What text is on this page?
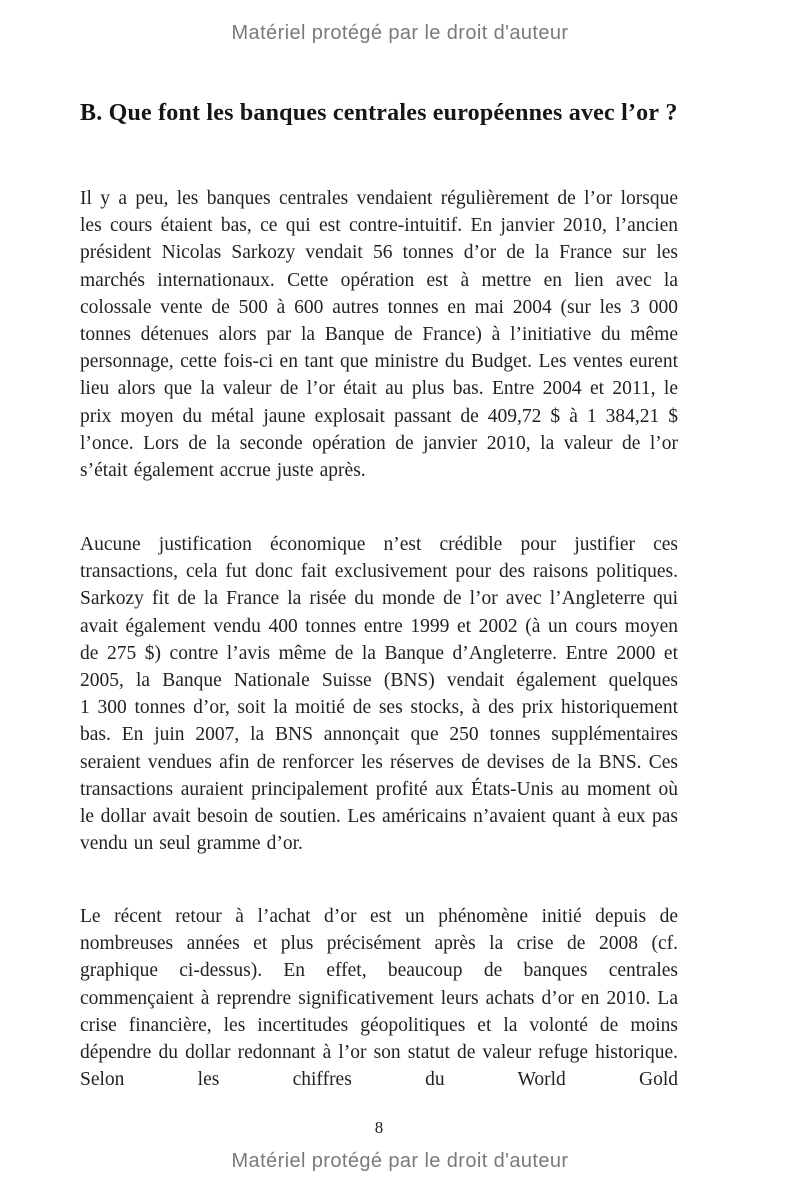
Matériel protégé par le droit d'auteur
B. Que font les banques centrales européennes avec l’or ?

Il y a peu, les banques centrales vendaient régulièrement de l’or lorsque les cours étaient bas, ce qui est contre-intuitif. En janvier 2010, l’ancien président Nicolas Sarkozy vendait 56 tonnes d’or de la France sur les marchés internationaux. Cette opération est à mettre en lien avec la colossale vente de 500 à 600 autres tonnes en mai 2004 (sur les 3 000 tonnes détenues alors par la Banque de France) à l’initiative du même personnage, cette fois-ci en tant que ministre du Budget. Les ventes eurent lieu alors que la valeur de l’or était au plus bas. Entre 2004 et 2011, le prix moyen du métal jaune explosait passant de 409,72 $ à 1 384,21 $ l’once. Lors de la seconde opération de janvier 2010, la valeur de l’or s’était également accrue juste après.

Aucune justification économique n’est crédible pour justifier ces transactions, cela fut donc fait exclusivement pour des raisons politiques. Sarkozy fit de la France la risée du monde de l’or avec l’Angleterre qui avait également vendu 400 tonnes entre 1999 et 2002 (à un cours moyen de 275 $) contre l’avis même de la Banque d’Angleterre. Entre 2000 et 2005, la Banque Nationale Suisse (BNS) vendait également quelques 1 300 tonnes d’or, soit la moitié de ses stocks, à des prix historiquement bas. En juin 2007, la BNS annonçait que 250 tonnes supplémentaires seraient vendues afin de renforcer les réserves de devises de la BNS. Ces transactions auraient principalement profité aux États-Unis au moment où le dollar avait besoin de soutien. Les américains n’avaient quant à eux pas vendu un seul gramme d’or.

Le récent retour à l’achat d’or est un phénomène initié depuis de nombreuses années et plus précisément après la crise de 2008 (cf. graphique ci-dessus). En effet, beaucoup de banques centrales commençaient à reprendre significativement leurs achats d’or en 2010. La crise financière, les incertitudes géopolitiques et la volonté de moins dépendre du dollar redonnant à l’or son statut de valeur refuge historique. Selon les chiffres du World Gold

8
Matériel protégé par le droit d'auteur
